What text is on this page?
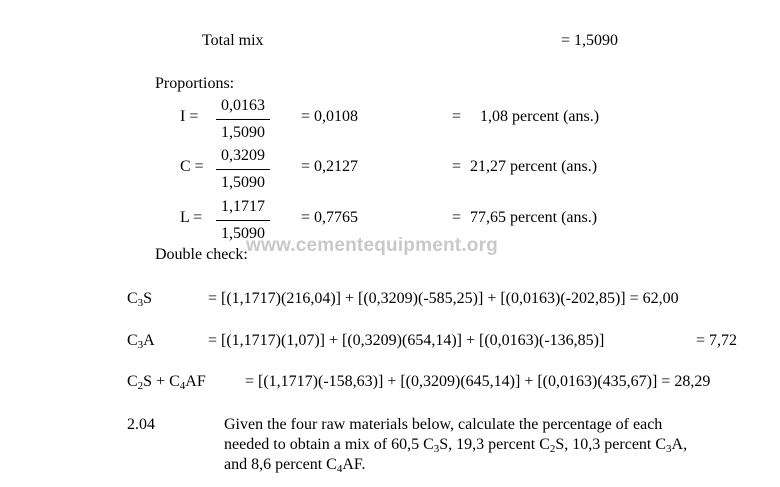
Total mix	= 1,5090
Proportions:
$I = \frac{0,0163}{1,5090} = 0,0108$	= 1,08 percent (ans.)
$C = \frac{0,3209}{1,5090} = 0,2127$	= 21,27 percent (ans.)
$L = \frac{1,1717}{1,5090} = 0,7765$	= 77,65 percent (ans.)
www.cementequipment.org
Double check:
$C_3S$	= [(1,1717)(216,04)] + [(0,3209)(-585,25)] + [(0,0163)(-202,85)] = 62,00
$C_3A$	= [(1,1717)(1,07)] + [(0,3209)(654,14)] + [(0,0163)(-136,85)]	= 7,72
$C_2S + C_4AF = [(1,1717)(-158,63)] + [(0,3209)(645,14)] + [(0,0163)(435,67)] = 28,29$
2.04	Given the four raw materials below, calculate the percentage of each
needed to obtain a mix of 60,5 $C_3S$, 19,3 percent $C_2S$, 10,3 percent $C_3A$,
and 8,6 percent $C_4AF$.
